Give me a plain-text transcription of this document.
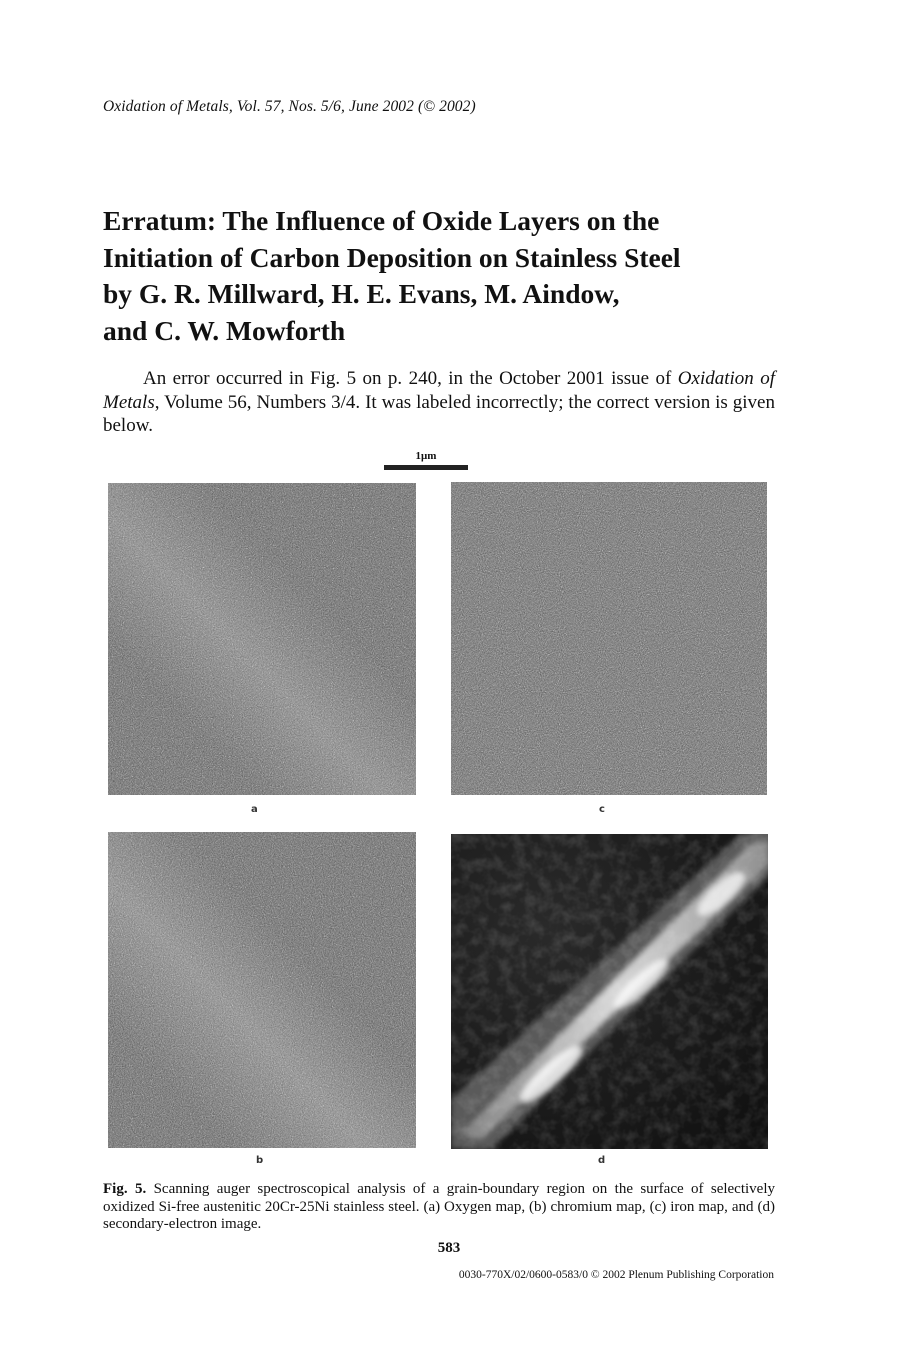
Oxidation of Metals, Vol. 57, Nos. 5/6, June 2002 (© 2002)
Erratum: The Influence of Oxide Layers on the
Initiation of Carbon Deposition on Stainless Steel
by G. R. Millward, H. E. Evans, M. Aindow,
and C. W. Mowforth

An error occurred in Fig. 5 on p. 240, in the October 2001 issue of Oxidation of Metals, Volume 56, Numbers 3/4. It was labeled incorrectly; the correct version is given below.

1μm
a	c
b	d

Fig. 5. Scanning auger spectroscopical analysis of a grain-boundary region on the surface of selectively oxidized Si-free austenitic 20Cr-25Ni stainless steel. (a) Oxygen map, (b) chromium map, (c) iron map, and (d) secondary-electron image.

583
0030-770X/02/0600-0583/0 © 2002 Plenum Publishing Corporation
